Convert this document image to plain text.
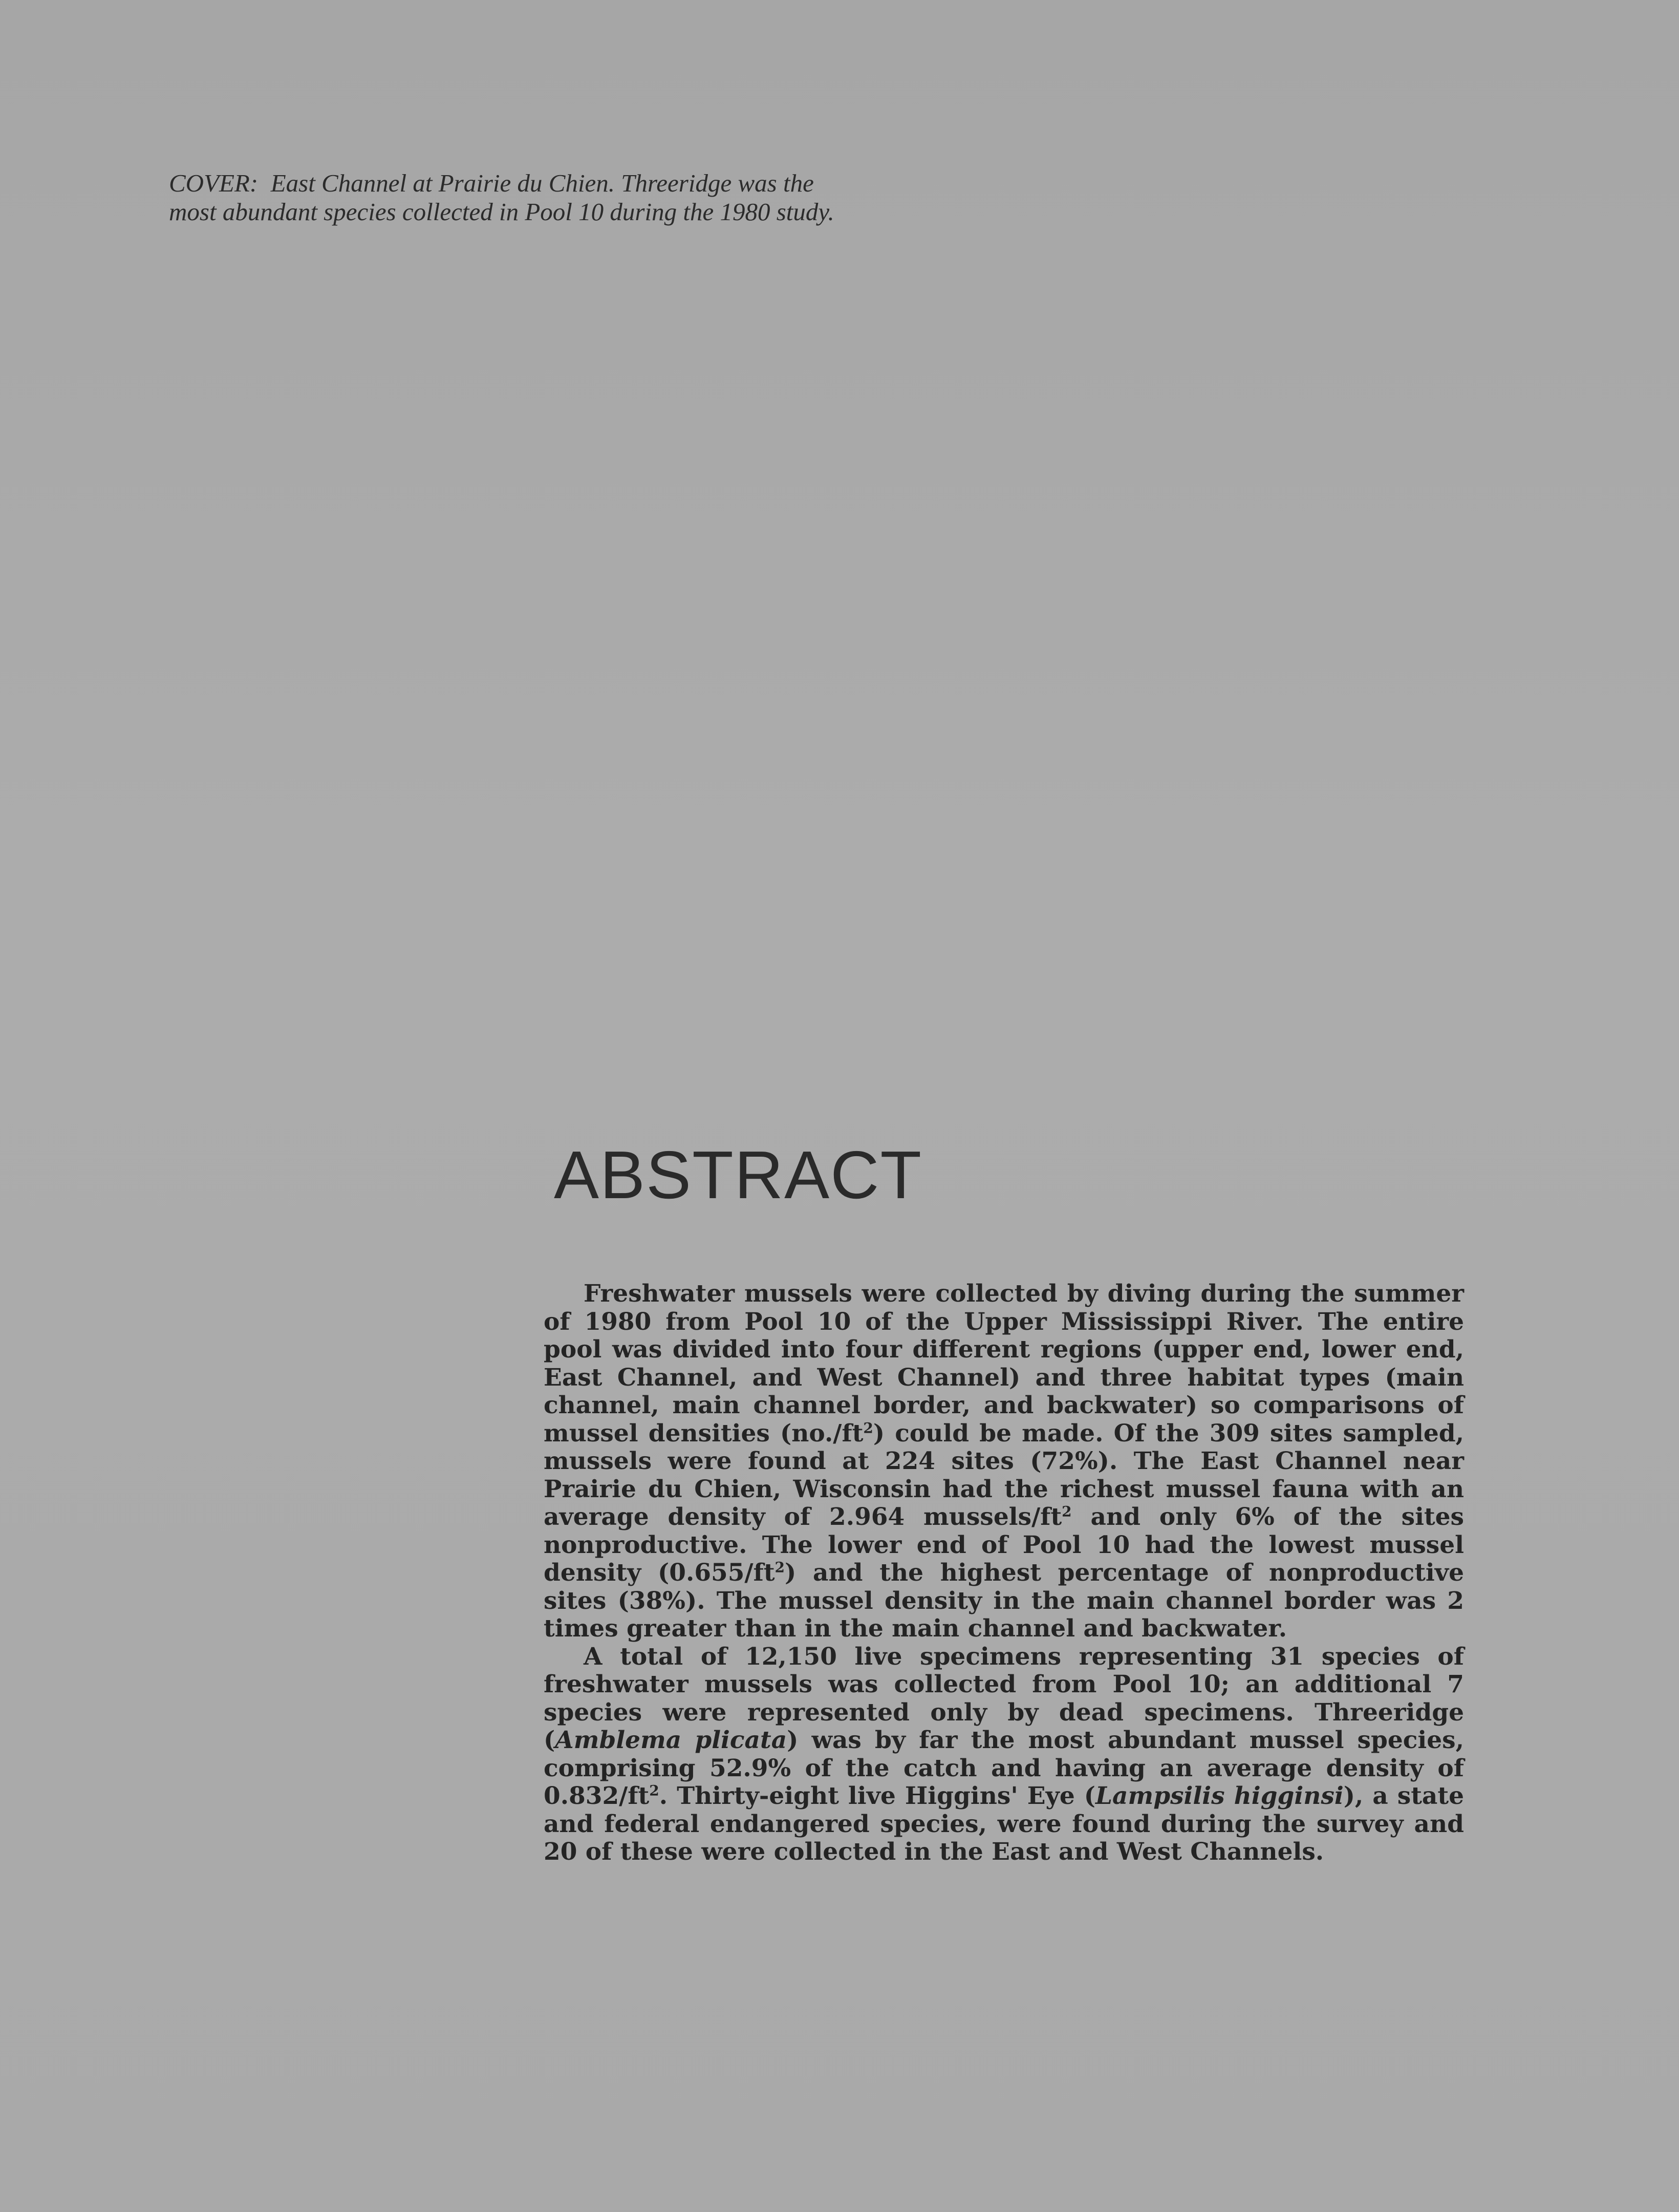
COVER: East Channel at Prairie du Chien. Threeridge was the most abundant species collected in Pool 10 during the 1980 study.

ABSTRACT

Freshwater mussels were collected by diving during the summer of 1980 from Pool 10 of the Upper Mississippi River. The entire pool was divided into four different regions (upper end, lower end, East Channel, and West Channel) and three habitat types (main channel, main channel border, and backwater) so comparisons of mussel densities $(no./ft^2)$ could be made. Of the 309 sites sampled, mussels were found at 224 sites (72%). The East Channel near Prairie du Chien, Wisconsin had the richest mussel fauna with an average density of 2.964 mussels/$ft^2$ and only 6% of the sites nonproductive. The lower end of Pool 10 had the lowest mussel density $(0.655/ft^2)$ and the highest percentage of nonproductive sites (38%). The mussel density in the main channel border was 2 times greater than in the main channel and backwater.

A total of 12,150 live specimens representing 31 species of freshwater mussels was collected from Pool 10; an additional 7 species were represented only by dead specimens. Threeridge (Amblema plicata) was by far the most abundant mussel species, comprising 52.9% of the catch and having an average density of $0.832/ft^2$. Thirty-eight live Higgins' Eye (Lampsilis higginsi), a state and federal endangered species, were found during the survey and 20 of these were collected in the East and West Channels.
